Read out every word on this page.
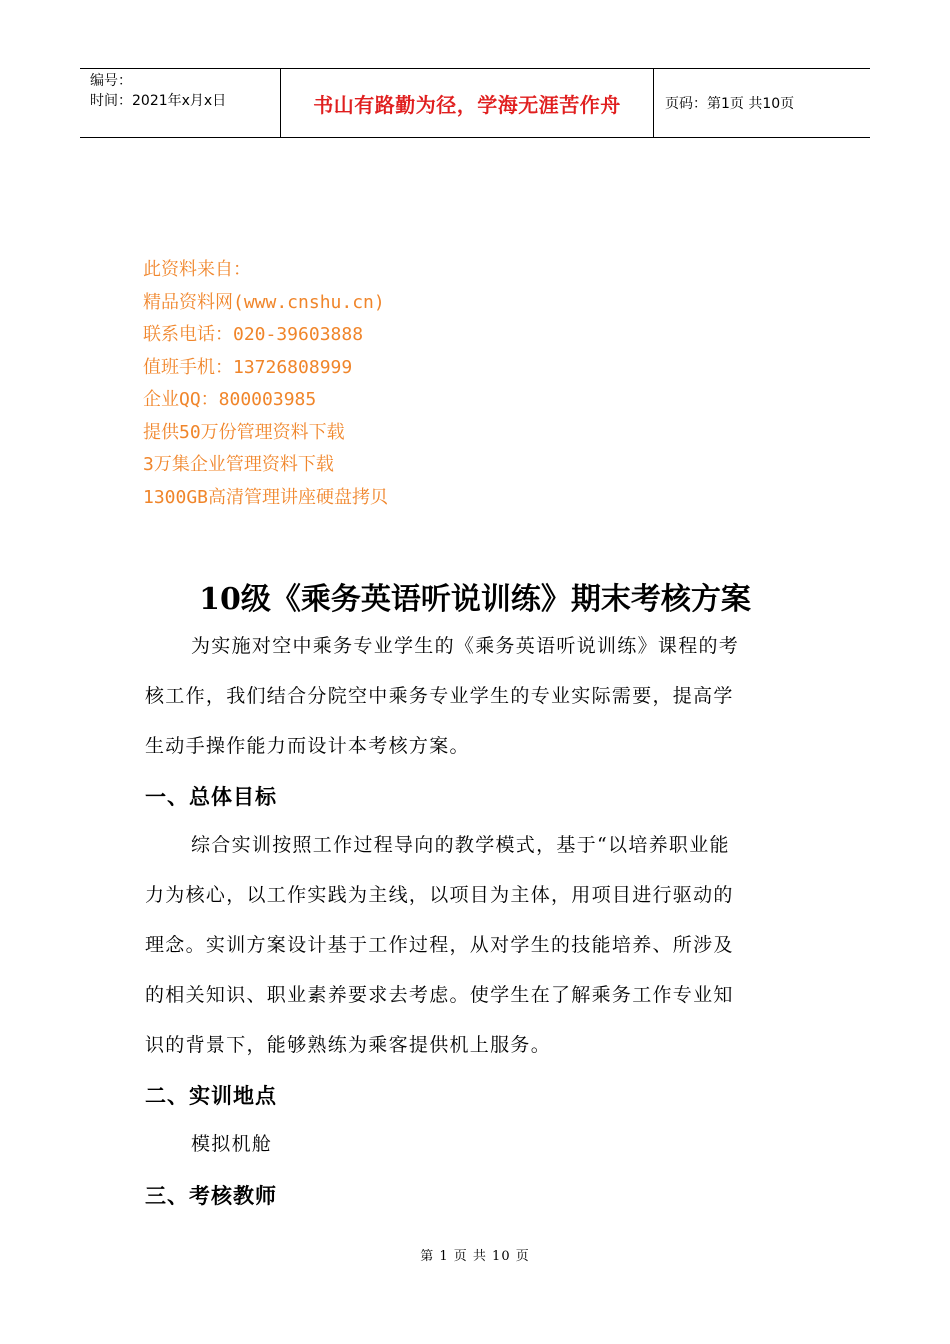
编号：
时间：2021年x月x日	书山有路勤为径，学海无涯苦作舟	页码：第1页 共10页
此资料来自：
精品资料网(www.cnshu.cn)
联系电话：020-39603888
值班手机：13726808999
企业QQ：800003985
提供50万份管理资料下载
3万集企业管理资料下载
1300GB高清管理讲座硬盘拷贝
10级《乘务英语听说训练》期末考核方案
为实施对空中乘务专业学生的《乘务英语听说训练》课程的考
核工作，我们结合分院空中乘务专业学生的专业实际需要，提高学
生动手操作能力而设计本考核方案。
一、总体目标
综合实训按照工作过程导向的教学模式，基于“以培养职业能
力为核心，以工作实践为主线，以项目为主体，用项目进行驱动的
理念。实训方案设计基于工作过程，从对学生的技能培养、所涉及
的相关知识、职业素养要求去考虑。使学生在了解乘务工作专业知
识的背景下，能够熟练为乘客提供机上服务。
二、实训地点
模拟机舱
三、考核教师
第 1 页 共 10 页
